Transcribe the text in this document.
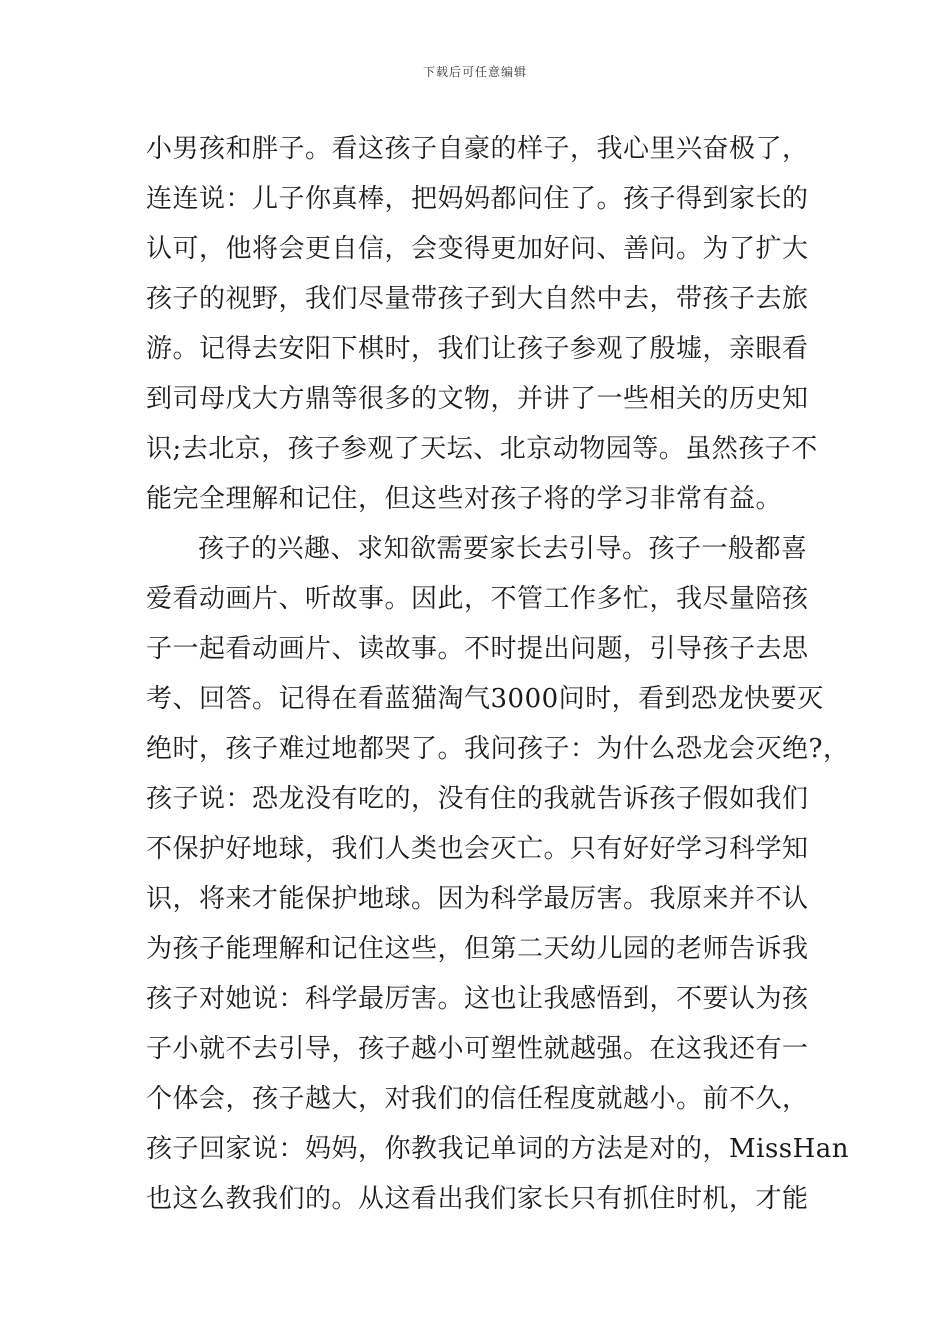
下载后可任意编辑
小男孩和胖子。看这孩子自豪的样子，我心里兴奋极了，
连连说：儿子你真棒，把妈妈都问住了。孩子得到家长的
认可，他将会更自信，会变得更加好问、善问。为了扩大
孩子的视野，我们尽量带孩子到大自然中去，带孩子去旅
游。记得去安阳下棋时，我们让孩子参观了殷墟，亲眼看
到司母戊大方鼎等很多的文物，并讲了一些相关的历史知
识;去北京，孩子参观了天坛、北京动物园等。虽然孩子不
能完全理解和记住，但这些对孩子将的学习非常有益。
孩子的兴趣、求知欲需要家长去引导。孩子一般都喜
爱看动画片、听故事。因此，不管工作多忙，我尽量陪孩
子一起看动画片、读故事。不时提出问题，引导孩子去思
考、回答。记得在看蓝猫淘气3000问时，看到恐龙快要灭
绝时，孩子难过地都哭了。我问孩子：为什么恐龙会灭绝?，
孩子说：恐龙没有吃的，没有住的我就告诉孩子假如我们
不保护好地球，我们人类也会灭亡。只有好好学习科学知
识，将来才能保护地球。因为科学最厉害。我原来并不认
为孩子能理解和记住这些，但第二天幼儿园的老师告诉我
孩子对她说：科学最厉害。这也让我感悟到，不要认为孩
子小就不去引导，孩子越小可塑性就越强。在这我还有一
个体会，孩子越大，对我们的信任程度就越小。前不久，
孩子回家说：妈妈，你教我记单词的方法是对的，MissHan
也这么教我们的。从这看出我们家长只有抓住时机，才能
